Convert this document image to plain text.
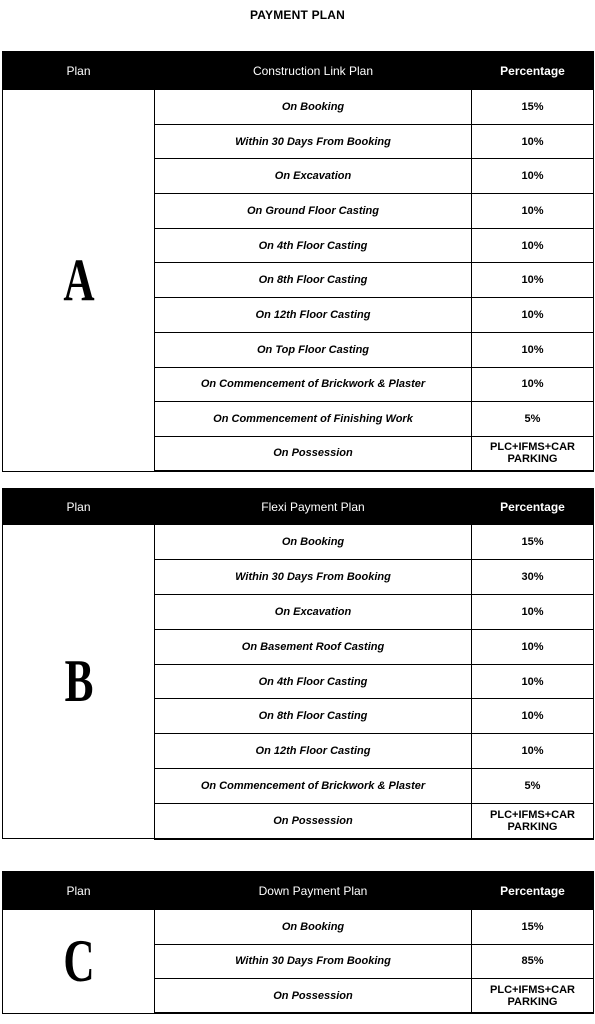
PAYMENT PLAN
Plan	Construction Link Plan	Percentage
A	On Booking	15%
	Within 30 Days From Booking	10%
	On Excavation	10%
	On Ground Floor Casting	10%
	On 4th Floor Casting	10%
	On 8th Floor Casting	10%
	On 12th Floor Casting	10%
	On Top Floor Casting	10%
	On Commencement of Brickwork & Plaster	10%
	On Commencement of Finishing Work	5%
	On Possession	PLC+IFMS+CAR PARKING
Plan	Flexi Payment Plan	Percentage
B	On Booking	15%
	Within 30 Days From Booking	30%
	On Excavation	10%
	On Basement Roof Casting	10%
	On 4th Floor Casting	10%
	On 8th Floor Casting	10%
	On 12th Floor Casting	10%
	On Commencement of Brickwork & Plaster	5%
	On Possession	PLC+IFMS+CAR PARKING
Plan	Down Payment Plan	Percentage
C	On Booking	15%
	Within 30 Days From Booking	85%
	On Possession	PLC+IFMS+CAR PARKING
